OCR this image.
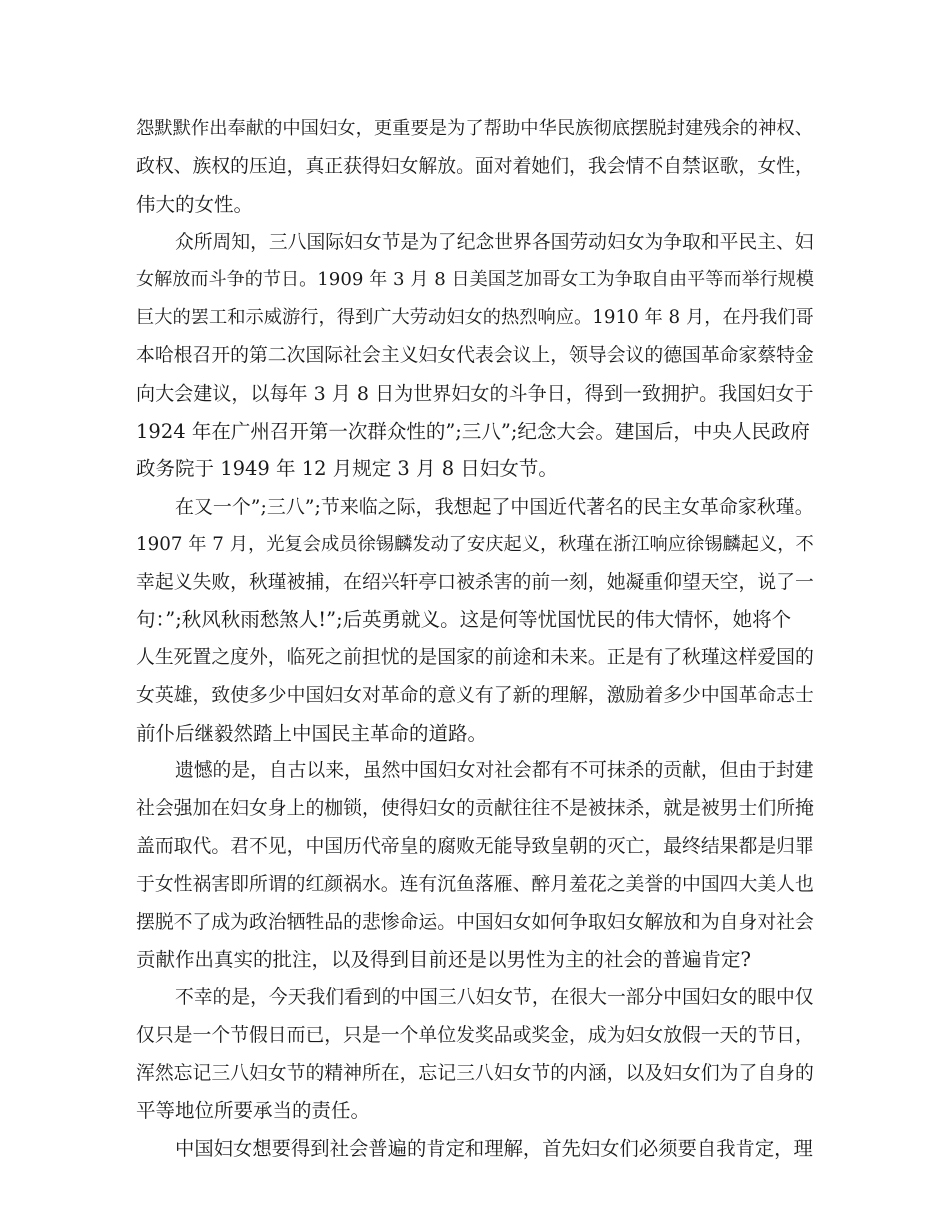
怨默默作出奉献的中国妇女，更重要是为了帮助中华民族彻底摆脱封建残余的神权、

政权、族权的压迫，真正获得妇女解放。面对着她们，我会情不自禁讴歌，女性，

伟大的女性。

众所周知，三八国际妇女节是为了纪念世界各国劳动妇女为争取和平民主、妇

女解放而斗争的节日。1909 年 3 月 8 日美国芝加哥女工为争取自由平等而举行规模

巨大的罢工和示威游行，得到广大劳动妇女的热烈响应。1910 年 8 月，在丹我们哥

本哈根召开的第二次国际社会主义妇女代表会议上，领导会议的德国革命家蔡特金

向大会建议，以每年 3 月 8 日为世界妇女的斗争日，得到一致拥护。我国妇女于

1924 年在广州召开第一次群众性的”;三八”;纪念大会。建国后，中央人民政府

政务院于 1949 年 12 月规定 3 月 8 日妇女节。

在又一个”;三八”;节来临之际，我想起了中国近代著名的民主女革命家秋瑾。

1907 年 7 月，光复会成员徐锡麟发动了安庆起义，秋瑾在浙江响应徐锡麟起义，不

幸起义失败，秋瑾被捕，在绍兴轩亭口被杀害的前一刻，她凝重仰望天空，说了一

句：”;秋风秋雨愁煞人!”;后英勇就义。这是何等忧国忧民的伟大情怀，她将个

人生死置之度外，临死之前担忧的是国家的前途和未来。正是有了秋瑾这样爱国的

女英雄，致使多少中国妇女对革命的意义有了新的理解，激励着多少中国革命志士

前仆后继毅然踏上中国民主革命的道路。

遗憾的是，自古以来，虽然中国妇女对社会都有不可抹杀的贡献，但由于封建

社会强加在妇女身上的枷锁，使得妇女的贡献往往不是被抹杀，就是被男士们所掩

盖而取代。君不见，中国历代帝皇的腐败无能导致皇朝的灭亡，最终结果都是归罪

于女性祸害即所谓的红颜祸水。连有沉鱼落雁、醉月羞花之美誉的中国四大美人也

摆脱不了成为政治牺牲品的悲惨命运。中国妇女如何争取妇女解放和为自身对社会

贡献作出真实的批注，以及得到目前还是以男性为主的社会的普遍肯定?

不幸的是，今天我们看到的中国三八妇女节，在很大一部分中国妇女的眼中仅

仅只是一个节假日而已，只是一个单位发奖品或奖金，成为妇女放假一天的节日，

浑然忘记三八妇女节的精神所在，忘记三八妇女节的内涵，以及妇女们为了自身的

平等地位所要承当的责任。

中国妇女想要得到社会普遍的肯定和理解，首先妇女们必须要自我肯定，理
